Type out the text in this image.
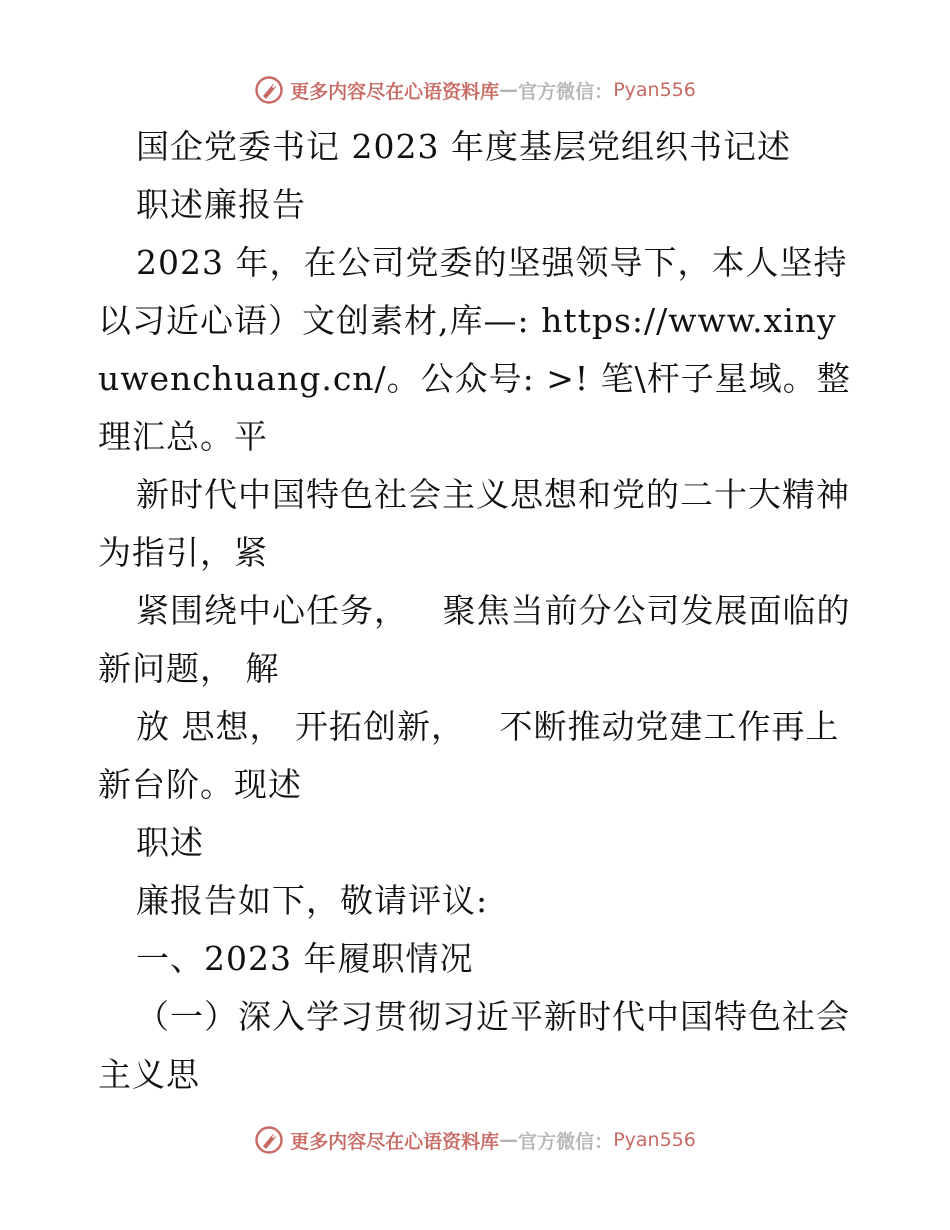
更多内容尽在心语资料库 — 官方微信： Pyan556

国企党委书记 2023 年度基层党组织书记述

职述廉报告

2023 年，在公司党委的坚强领导下，本人坚持以习近心语）文创素材,库—: https://www.xinyuwenchuang.cn/。公众号: >! 笔\杆子星域。整理汇总。平

新时代中国特色社会主义思想和党的二十大精神为指引，紧

紧围绕中心任务，   聚焦当前分公司发展面临的新问题， 解

放 思想， 开拓创新，   不断推动党建工作再上新台阶。现述

职述

廉报告如下，敬请评议:

一、2023 年履职情况

（一）深入学习贯彻习近平新时代中国特色社会主义思

更多内容尽在心语资料库 — 官方微信： Pyan556
